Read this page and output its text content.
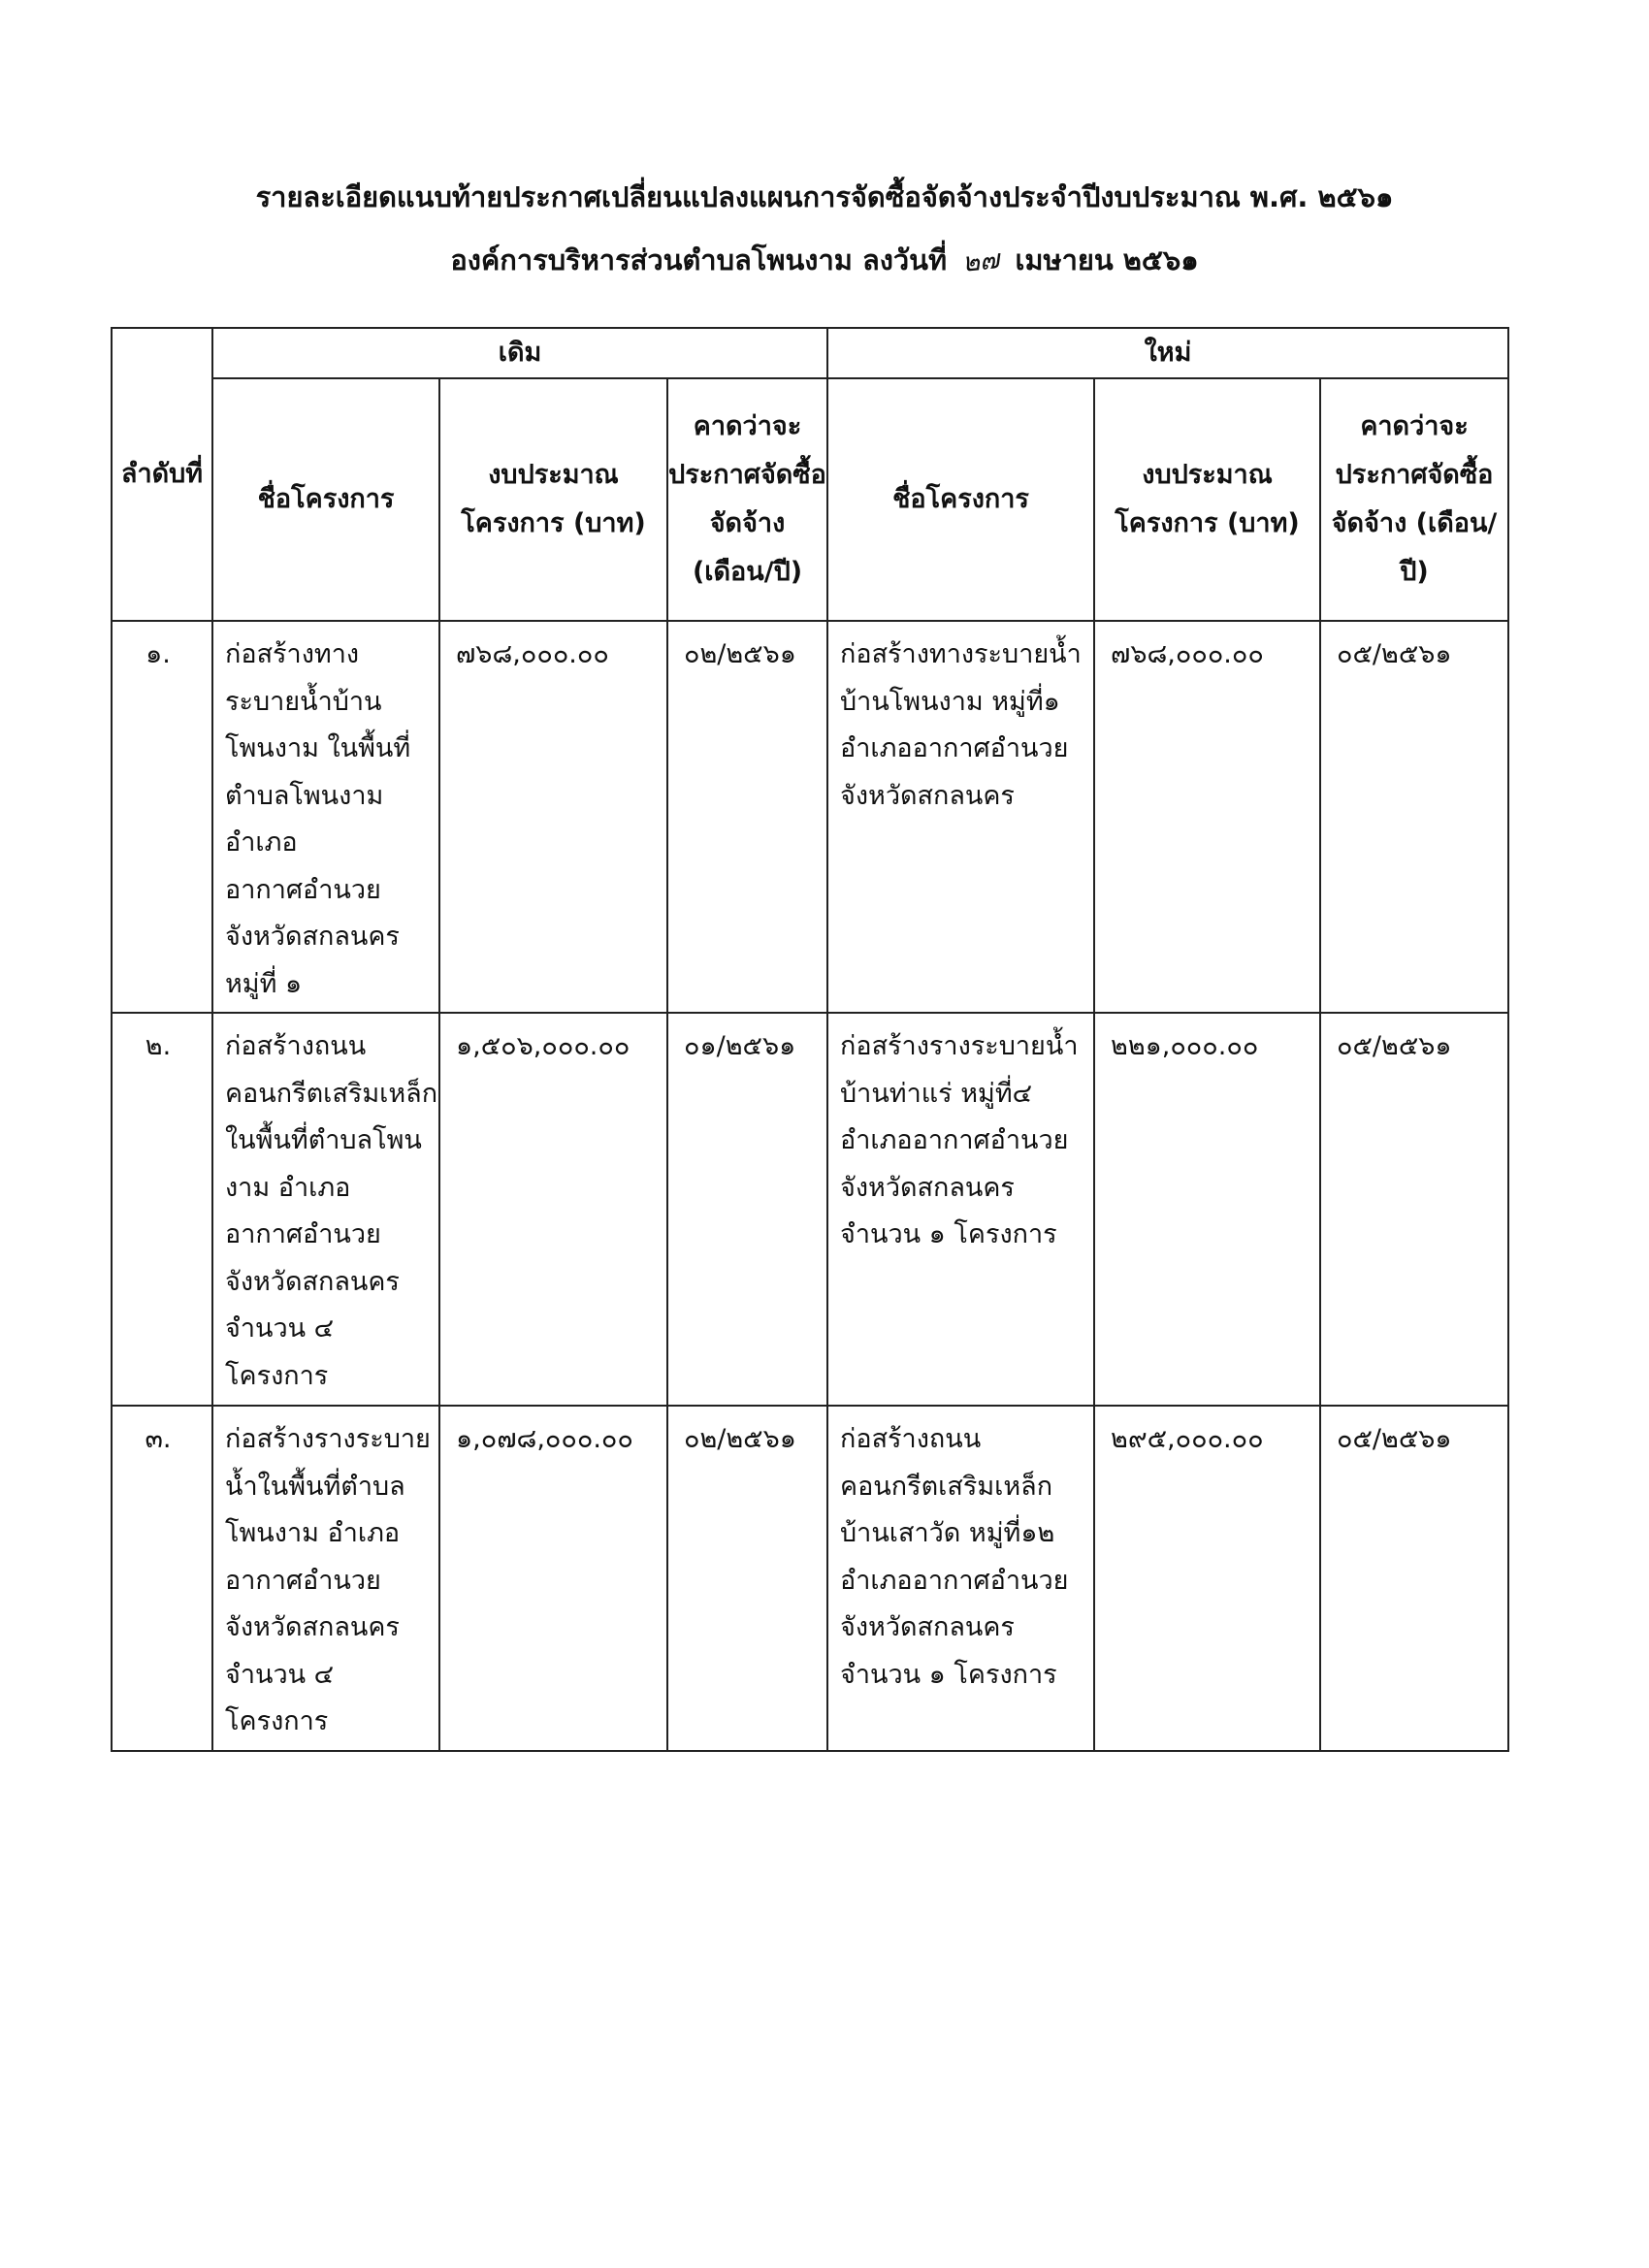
รายละเอียดแนบท้ายประกาศเปลี่ยนแปลงแผนการจัดซื้อจัดจ้างประจำปีงบประมาณ พ.ศ. ๒๕๖๑
องค์การบริหารส่วนตำบลโพนงาม ลงวันที่ ๒๗ เมษายน ๒๕๖๑
ลำดับที่	เดิม			ใหม่		
	ชื่อโครงการ	งบประมาณโครงการ (บาท)	คาดว่าจะประกาศจัดซื้อจัดจ้าง (เดือน/ปี)	ชื่อโครงการ	งบประมาณโครงการ (บาท)	คาดว่าจะประกาศจัดซื้อจัดจ้าง (เดือน/ปี)
๑.	ก่อสร้างทางระบายน้ำบ้านโพนงาม ในพื้นที่ตำบลโพนงาม อำเภออากาศอำนวย จังหวัดสกลนคร หมู่ที่ ๑	๗๖๘,๐๐๐.๐๐	๐๒/๒๕๖๑	ก่อสร้างทางระบายน้ำบ้านโพนงาม หมู่ที่๑ อำเภออากาศอำนวย จังหวัดสกลนคร	๗๖๘,๐๐๐.๐๐	๐๕/๒๕๖๑
๒.	ก่อสร้างถนนคอนกรีตเสริมเหล็กในพื้นที่ตำบลโพนงาม อำเภออากาศอำนวย จังหวัดสกลนคร จำนวน ๔ โครงการ	๑,๕๐๖,๐๐๐.๐๐	๐๑/๒๕๖๑	ก่อสร้างรางระบายน้ำบ้านท่าแร่ หมู่ที่๔ อำเภออากาศอำนวย จังหวัดสกลนคร จำนวน ๑ โครงการ	๒๒๑,๐๐๐.๐๐	๐๕/๒๕๖๑
๓.	ก่อสร้างรางระบายน้ำในพื้นที่ตำบลโพนงาม อำเภออากาศอำนวย จังหวัดสกลนคร จำนวน ๔ โครงการ	๑,๐๗๘,๐๐๐.๐๐	๐๒/๒๕๖๑	ก่อสร้างถนนคอนกรีตเสริมเหล็กบ้านเสาวัด หมู่ที่๑๒ อำเภออากาศอำนวย จังหวัดสกลนคร จำนวน ๑ โครงการ	๒๙๕,๐๐๐.๐๐	๐๕/๒๕๖๑
